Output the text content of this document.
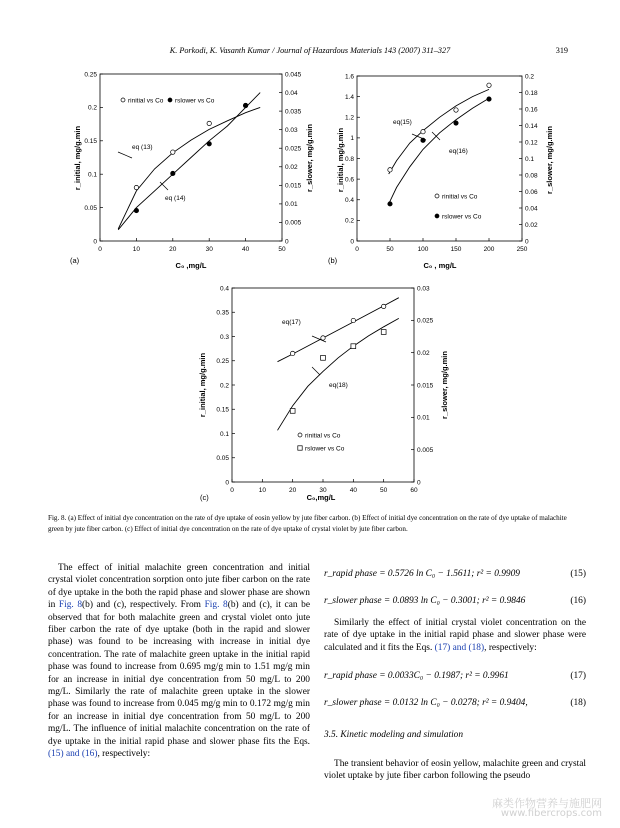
K. Porkodi, K. Vasanth Kumar / Journal of Hazardous Materials 143 (2007) 311–327	319
0	10	20	30	40	50
0
0.05
0.1
0.15
0.2
0.25
0
0.005
0.01
0.015
0.02
0.025
0.03
0.035
0.04
0.045
C₀ ,mg/L
r_initial, mg/g.min	r_slower, mg/g.min
(a)
rinitial vs Co rslower vs Co
eq (13)
eq (14)
0	50	100	150	200	250
0
0.2
0.4
0.6
0.8
1
1.2
1.4
1.6
0
0.02
0.04
0.06
0.08
0.1
0.12
0.14
0.16
0.18
0.2
C₀ , mg/L
r_initial, mg/g.min	r_slower, mg/g.min
(b)
rinitial vs Co
rslower vs Co
eq(15)
eq(16)
0	10	20	30	40	50	60
0
0.05
0.1
0.15
0.2
0.25
0.3
0.35
0.4
0
0.005
0.01
0.015
0.02
0.025
0.03
C₀,mg/L
r_initial, mg/g.min	r_slower, mg/g.min
(c)
rinitial vs Co
rslower vs Co
eq(17)
eq(18)
Fig. 8. (a) Effect of initial dye concentration on the rate of dye uptake of eosin yellow by jute fiber carbon. (b) Effect of initial dye concentration on the rate of dye uptake of malachite green by jute fiber carbon. (c) Effect of initial dye concentration on the rate of dye uptake of crystal violet by jute fiber carbon.

The effect of initial malachite green concentration and initial crystal violet concentration sorption onto jute fiber carbon on the rate of dye uptake in the both the rapid phase and slower phase are shown in Fig. 8(b) and (c), respectively. From Fig. 8(b) and (c), it can be observed that for both malachite green and crystal violet onto jute fiber carbon the rate of dye uptake (both in the rapid and slower phase) was found to be increasing with increase in initial dye concentration. The rate of malachite green uptake in the initial rapid phase was found to increase from 0.695 mg/g min to 1.51 mg/g min for an increase in initial dye concentration from 50 mg/L to 200 mg/L. Similarly the rate of malachite green uptake in the slower phase was found to increase from 0.045 mg/g min to 0.172 mg/g min for an increase in initial dye concentration from 50 mg/L to 200 mg/L. The influence of initial malachite concentration on the rate of dye uptake in the initial rapid phase and slower phase fits the Eqs. (15) and (16), respectively:

r_rapid phase = 0.5726 ln C₀ − 1.5611; r² = 0.9909	(15)
r_slower phase = 0.0893 ln C₀ − 0.3001; r² = 0.9846	(16)

Similarly the effect of initial crystal violet concentration on the rate of dye uptake in the initial rapid phase and slower phase were calculated and it fits the Eqs. (17) and (18), respectively:

r_rapid phase = 0.0033C₀ − 0.1987; r² = 0.9961	(17)
r_slower phase = 0.0132 ln C₀ − 0.0278; r² = 0.9404,	(18)
3.5. Kinetic modeling and simulation

The transient behavior of eosin yellow, malachite green and crystal violet uptake by jute fiber carbon following the pseudo

麻类作物营养与施肥网
www.fibercrops.com
